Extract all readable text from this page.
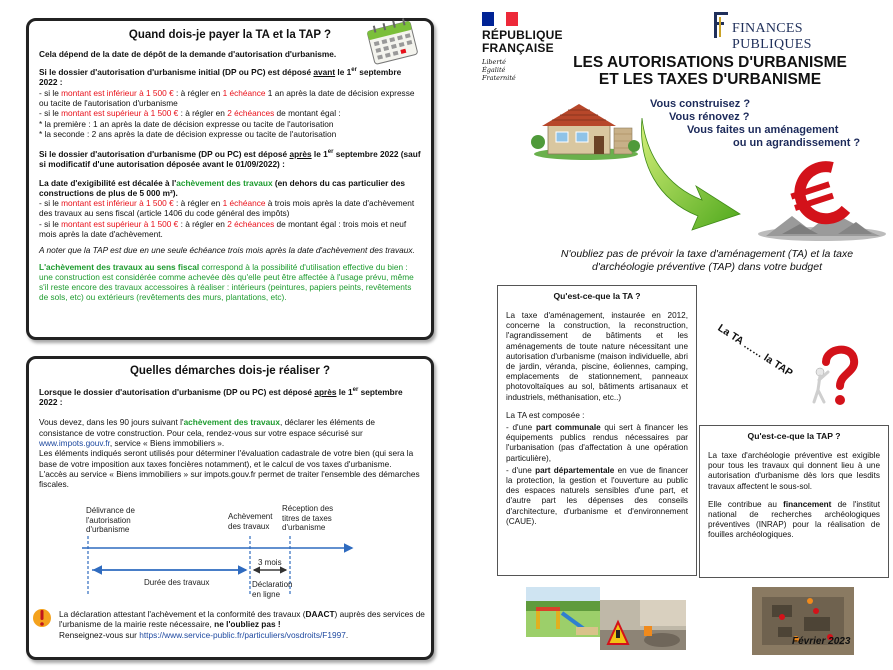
Quand dois-je payer la TA et la TAP ?

Cela dépend de la date de dépôt de la demande d'autorisation d'urbanisme.

Si le dossier d'autorisation d'urbanisme initial (DP ou PC) est déposé avant le 1er septembre 2022 :
- si le montant est inférieur à 1 500 € : à régler en 1 échéance 1 an après la date de décision expresse ou tacite de l'autorisation d'urbanisme
- si le montant est supérieur à 1 500 € : à régler en 2 échéances de montant égal :
* la première : 1 an après la date de décision expresse ou tacite de l'autorisation
* la seconde : 2 ans après la date de décision expresse ou tacite de l'autorisation

Si le dossier d'autorisation d'urbanisme (DP ou PC) est déposé après le 1er septembre 2022 (sauf si modificatif d'une autorisation déposée avant le 01/09/2022) :

La date d'exigibilité est décalée à l'achèvement des travaux (en dehors du cas particulier des constructions de plus de 5 000 m²).
- si le montant est inférieur à 1 500 € : à régler en 1 échéance à trois mois après la date d'achèvement des travaux au sens fiscal (article 1406 du code général des impôts)
- si le montant est supérieur à 1 500 € : à régler en 2 échéances de montant égal : trois mois et neuf mois après la date d'achèvement.

A noter que la TAP est due en une seule échéance trois mois après la date d'achèvement des travaux.

L'achèvement des travaux au sens fiscal correspond à la possibilité d'utilisation effective du bien : une construction est considérée comme achevée dès qu'elle peut être affectée à l'usage prévu, même s'il reste encore des travaux accessoires à réaliser : intérieurs (peintures, papiers peints, revêtements de sols, etc) ou extérieurs (revêtements des murs, plantations, etc).

Quelles démarches dois-je réaliser ?

Lorsque le dossier d'autorisation d'urbanisme (DP ou PC) est déposé après le 1er septembre 2022 :

Vous devez, dans les 90 jours suivant l'achèvement des travaux, déclarer les éléments de consistance de votre construction. Pour cela, rendez-vous sur votre espace sécurisé sur www.impots.gouv.fr, service « Biens immobiliers ».
Les éléments indiqués seront utilisés pour déterminer l'évaluation cadastrale de votre bien (qui sera la base de votre imposition aux taxes foncières notamment), et le calcul de vos taxes d'urbanisme.
L'accès au service « Biens immobiliers » sur impots.gouv.fr permet de traiter l'ensemble des démarches fiscales.

La déclaration attestant l'achèvement et la conformité des travaux (DAACT) auprès des services de l'urbanisme de la mairie reste nécessaire, ne l'oubliez pas !
Renseignez-vous sur https://www.service-public.fr/particuliers/vosdroits/F1997.

Délivrance de
l'autorisation
d'urbanisme
Achèvement
des travaux
Réception des
titres de taxes
d'urbanisme
Durée des travaux
3 mois
Déclaration
en ligne
RÉPUBLIQUE
FRANÇAISE
Liberté
Égalité
Fraternité
FINANCES PUBLIQUES
LES AUTORISATIONS D'URBANISME
ET LES TAXES D'URBANISME
Vous construisez ?
Vous rénovez ?
Vous faites un aménagement
ou un agrandissement ?
N'oubliez pas de prévoir la taxe d'aménagement (TA) et la taxe d'archéologie préventive (TAP) dans votre budget
Qu'est-ce-que la TA ?

La taxe d'aménagement, instaurée en 2012, concerne la construction, la reconstruction, l'agrandissement de bâtiments et les aménagements de toute nature nécessitant une autorisation d'urbanisme (maison individuelle, abri de jardin, véranda, piscine, éoliennes, camping, emplacements de stationnement, panneaux photovoltaïques au sol, bâtiments artisanaux et industriels, méthanisation, etc..)

La TA est composée :

- d'une part communale qui sert à financer les équipements publics rendus nécessaires par l'urbanisation (pas d'affectation à une opération particulière),

- d'une part départementale en vue de financer la protection, la gestion et l'ouverture au public des espaces naturels sensibles d'une part, et d'autre part les dépenses des conseils d'architecture, d'urbanisme et d'environnement (CAUE).

La TA …… la TAP
Qu'est-ce-que la TAP ?

La taxe d'archéologie préventive est exigible pour tous les travaux qui donnent lieu à une autorisation d'urbanisme dès lors que lesdits travaux affectent le sous-sol.

Elle contribue au financement de l'institut national de recherches archéologiques préventives (INRAP) pour la réalisation de fouilles archéologiques.

Février 2023
